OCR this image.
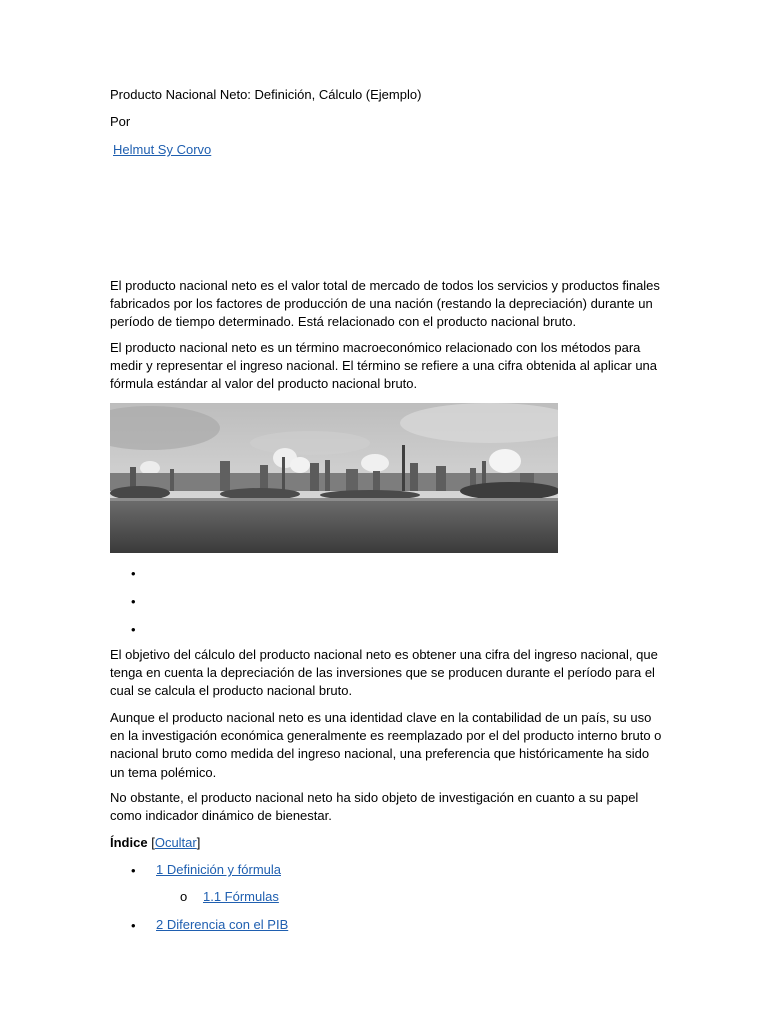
Producto Nacional Neto: Definición, Cálculo (Ejemplo)
Por
Helmut Sy Corvo

El producto nacional neto es el valor total de mercado de todos los servicios y productos finales fabricados por los factores de producción de una nación (restando la depreciación) durante un período de tiempo determinado. Está relacionado con el producto nacional bruto.

El producto nacional neto es un término macroeconómico relacionado con los métodos para medir y representar el ingreso nacional. El término se refiere a una cifra obtenida al aplicar una fórmula estándar al valor del producto nacional bruto.

•
•
•

El objetivo del cálculo del producto nacional neto es obtener una cifra del ingreso nacional, que tenga en cuenta la depreciación de las inversiones que se producen durante el período para el cual se calcula el producto nacional bruto.

Aunque el producto nacional neto es una identidad clave en la contabilidad de un país, su uso en la investigación económica generalmente es reemplazado por el del producto interno bruto o nacional bruto como medida del ingreso nacional, una preferencia que históricamente ha sido un tema polémico.

No obstante, el producto nacional neto ha sido objeto de investigación en cuanto a su papel como indicador dinámico de bienestar.

Índice [Ocultar]
• 1 Definición y fórmula
o 1.1 Fórmulas
• 2 Diferencia con el PIB
